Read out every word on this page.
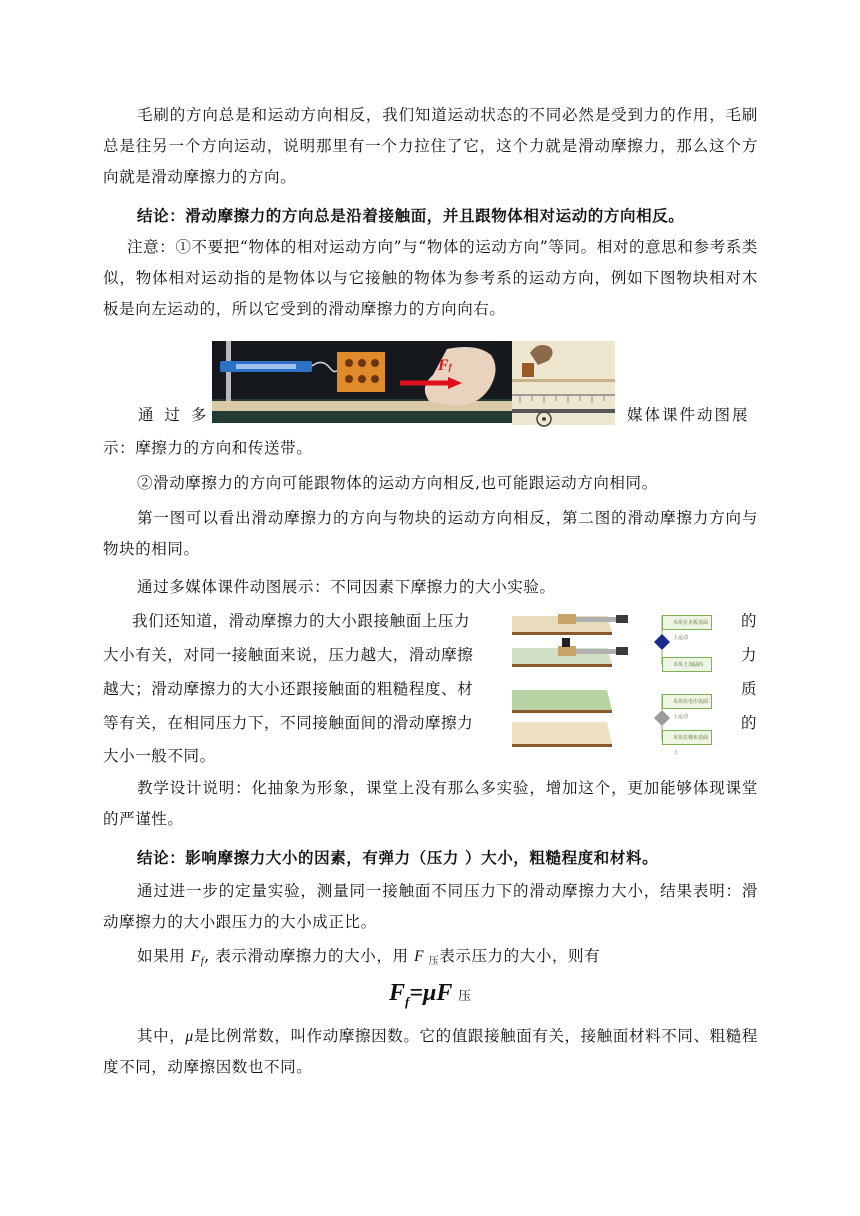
毛刷的方向总是和运动方向相反，我们知道运动状态的不同必然是受到力的作用，毛刷总是往另一个方向运动，说明那里有一个力拉住了它，这个力就是滑动摩擦力，那么这个方向就是滑动摩擦力的方向。
结论：滑动摩擦力的方向总是沿着接触面，并且跟物体相对运动的方向相反。
注意：①不要把“物体的相对运动方向”与“物体的运动方向”等同。相对的意思和参考系类似，物体相对运动指的是物体以与它接触的物体为参考系的运动方向，例如下图物块相对木板是向左运动的，所以它受到的滑动摩擦力的方向向右。
Ff
通 过 多	媒体课件动图展
示：摩擦力的方向和传送带。
②滑动摩擦力的方向可能跟物体的运动方向相反,也可能跟运动方向相同。
第一图可以看出滑动摩擦力的方向与物块的运动方向相反，第二图的滑动摩擦力方向与物块的相同。
通过多媒体课件动图展示：不同因素下摩擦力的大小实验。
我们还知道，滑动摩擦力的大小跟接触面上压力
大小有关，对同一接触面来说，压力越大，滑动摩擦
越大；滑动摩擦力的大小还跟接触面的粗糙程度、材
等有关，在相同压力下，不同接触面间的滑动摩擦力
大小一般不同。
的
力
质
的
木块在木板表面上运动
木块上加砝码
木块在毛巾表面上运动
木块在棉布表面上
教学设计说明：化抽象为形象，课堂上没有那么多实验，增加这个，更加能够体现课堂的严谨性。
结论：影响摩擦力大小的因素，有弹力（压力 ）大小，粗糙程度和材料。
通过进一步的定量实验，测量同一接触面不同压力下的滑动摩擦力大小，结果表明：滑动摩擦力的大小跟压力的大小成正比。
如果用 $F_f$, 表示滑动摩擦力的大小，用 F $_压$表示压力的大小，则有
$F_f=\mu F$ 压
其中，μ是比例常数，叫作动摩擦因数。它的值跟接触面有关，接触面材料不同、粗糙程度不同，动摩擦因数也不同。
